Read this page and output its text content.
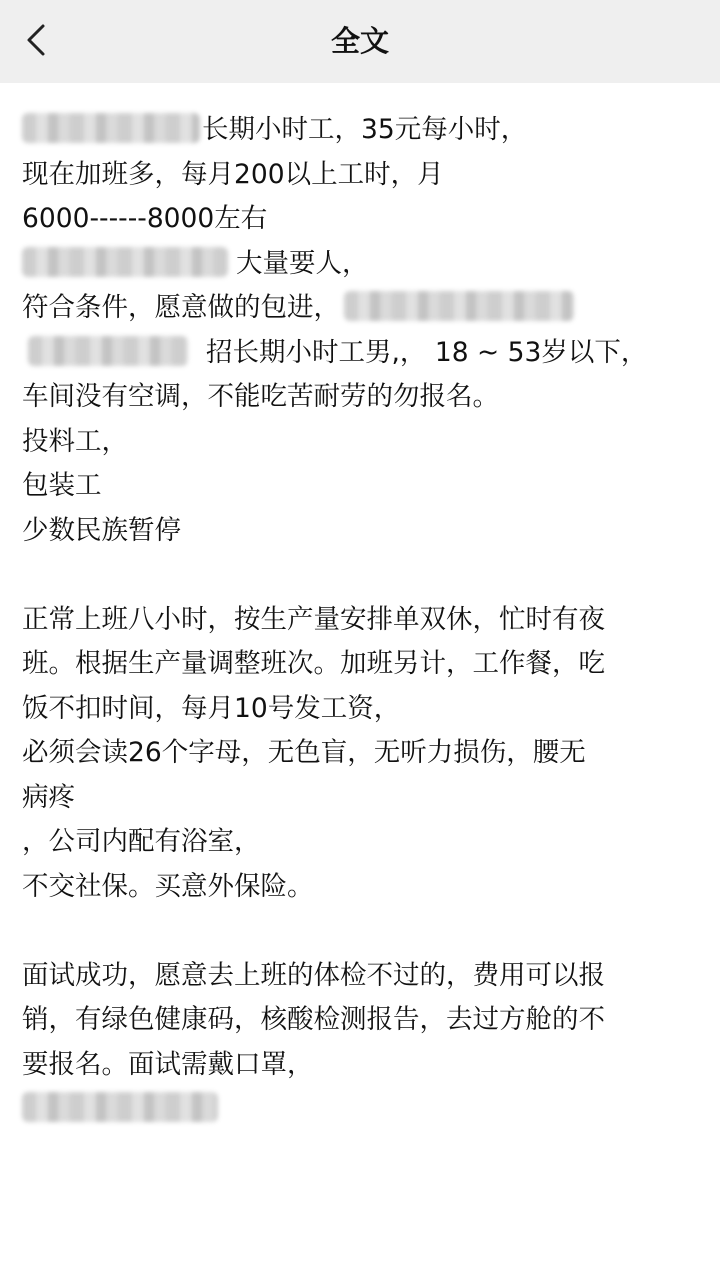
全文
长期小时工，35元每小时，
现在加班多，每月200以上工时，月
6000------8000左右
大量要人，
符合条件，愿意做的包进，
招长期小时工男,， 18 ~ 53岁以下，
车间没有空调，不能吃苦耐劳的勿报名。
投料工，
包装工
少数民族暂停
正常上班八小时，按生产量安排单双休，忙时有夜
班。根据生产量调整班次。加班另计，工作餐，吃
饭不扣时间，每月10号发工资，
必须会读26个字母，无色盲，无听力损伤，腰无
病疼
，公司内配有浴室，
不交社保。买意外保险。
面试成功，愿意去上班的体检不过的，费用可以报
销，有绿色健康码，核酸检测报告，去过方舱的不
要报名。面试需戴口罩，
